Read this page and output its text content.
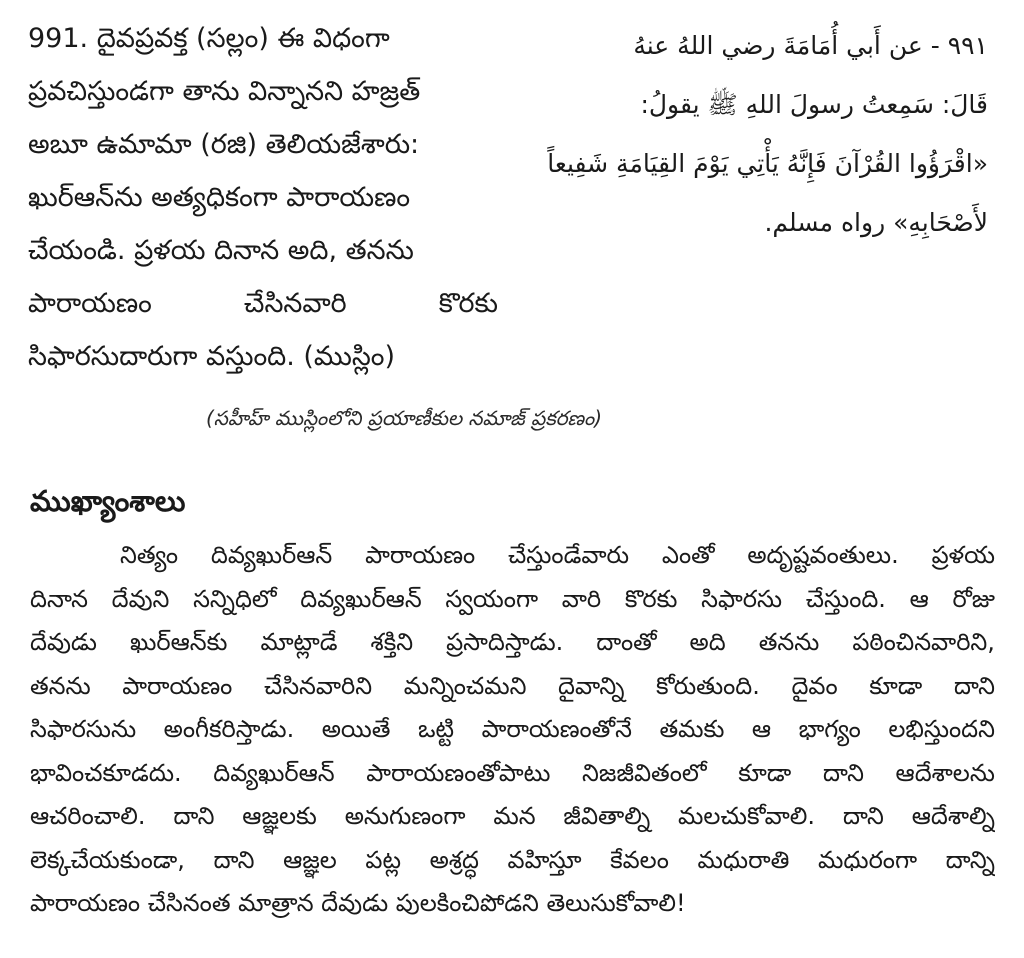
991. దైవప్రవక్త (సల్లం) ఈ విధంగా
ప్రవచిస్తుండగా తాను విన్నానని హజ్రత్
అబూ ఉమామా (రజి) తెలియజేశారు:
ఖుర్ఆన్‌ను అత్యధికంగా పారాయణం
చేయండి. ప్రళయ దినాన అది, తనను
పారాయణం	చేసినవారి	కొరకు
సిఫారసుదారుగా వస్తుంది. (ముస్లిం)
٩٩١ - عن أَبي أُمَامَةَ رضي اللهُ عنهُ
قَالَ: سَمِعتُ رسولَ اللهِ ﷺ يقولُ:
«اقْرَؤُوا القُرْآنَ فَإِنَّهُ يَأْتِي يَوْمَ القِيَامَةِ شَفِيعاً
لأَصْحَابِهِ» رواه مسلم.
(సహీహ్ ముస్లింలోని ప్రయాణీకుల నమాజ్ ప్రకరణం)
ముఖ్యాంశాలు
నిత్యం దివ్యఖుర్ఆన్ పారాయణం చేస్తుండేవారు ఎంతో అదృష్టవంతులు. ప్రళయ
దినాన దేవుని సన్నిధిలో దివ్యఖుర్ఆన్ స్వయంగా వారి కొరకు సిఫారసు చేస్తుంది. ఆ రోజు
దేవుడు ఖుర్ఆన్‌కు మాట్లాడే శక్తిని ప్రసాదిస్తాడు. దాంతో అది తనను పఠించినవారిని,
తనను పారాయణం చేసినవారిని మన్నించమని దైవాన్ని కోరుతుంది. దైవం కూడా దాని
సిఫారసును అంగీకరిస్తాడు. అయితే ఒట్టి పారాయణంతోనే తమకు ఆ భాగ్యం లభిస్తుందని
భావించకూడదు. దివ్యఖుర్ఆన్ పారాయణంతోపాటు నిజజీవితంలో కూడా దాని ఆదేశాలను
ఆచరించాలి. దాని ఆజ్ఞలకు అనుగుణంగా మన జీవితాల్ని మలచుకోవాలి. దాని ఆదేశాల్ని
లెక్కచేయకుండా, దాని ఆజ్ఞల పట్ల అశ్రద్ధ వహిస్తూ కేవలం మధురాతి మధురంగా దాన్ని
పారాయణం చేసినంత మాత్రాన దేవుడు పులకించిపోడని తెలుసుకోవాలి!
